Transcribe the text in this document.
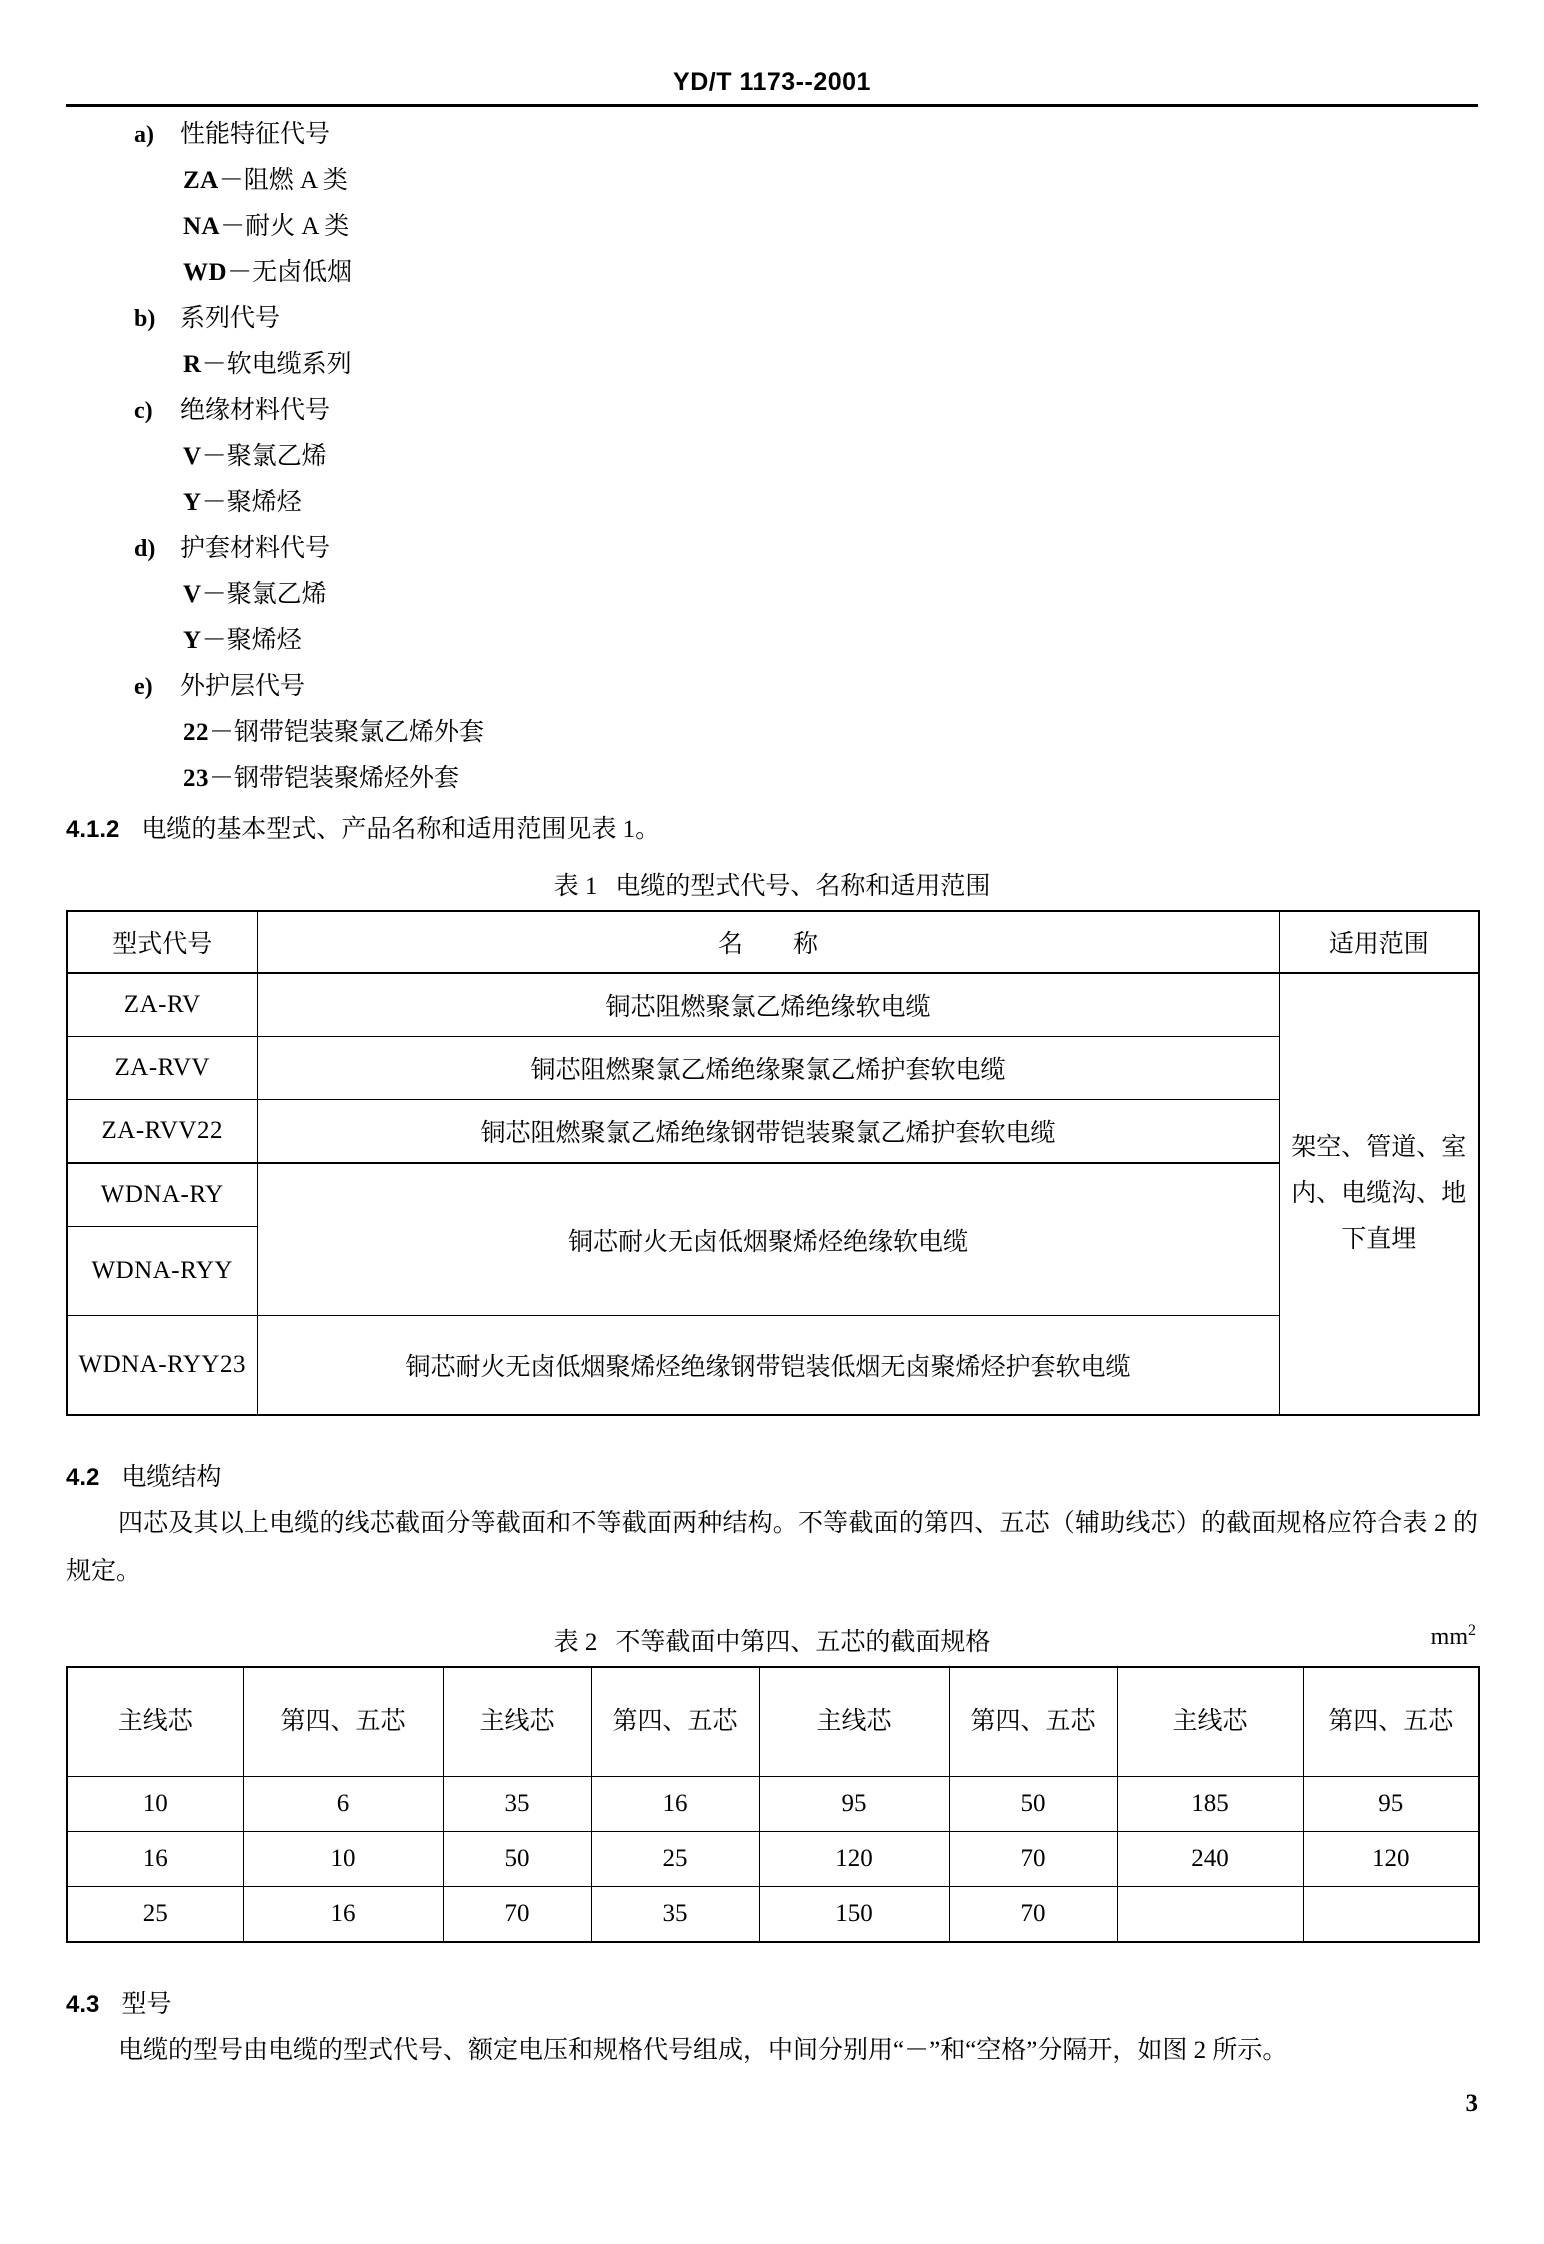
YD/T 1173--2001
a)	性能特征代号
ZA－阻燃 A 类
NA－耐火 A 类
WD－无卤低烟
b) 系列代号
R－软电缆系列
c)	绝缘材料代号
V－聚氯乙烯
Y－聚烯烃
d) 护套材料代号
V－聚氯乙烯
Y－聚烯烃
e)	外护层代号
22－钢带铠装聚氯乙烯外套
23－钢带铠装聚烯烃外套
4.1.2 电缆的基本型式、产品名称和适用范围见表 1。
表 1 电缆的型式代号、名称和适用范围
型式代号	名　　称	适用范围
ZA-RV	铜芯阻燃聚氯乙烯绝缘软电缆	架空、管道、室内、电缆沟、地下直埋
ZA-RVV	铜芯阻燃聚氯乙烯绝缘聚氯乙烯护套软电缆	
ZA-RVV22	铜芯阻燃聚氯乙烯绝缘钢带铠装聚氯乙烯护套软电缆	
WDNA-RY	铜芯耐火无卤低烟聚烯烃绝缘软电缆	
WDNA-RYY		
WDNA-RYY23	铜芯耐火无卤低烟聚烯烃绝缘钢带铠装低烟无卤聚烯烃护套软电缆	
4.2 电缆结构
四芯及其以上电缆的线芯截面分等截面和不等截面两种结构。不等截面的第四、五芯（辅助线芯）的截面规格应符合表 2 的规定。
表 2 不等截面中第四、五芯的截面规格	$mm^2$
主线芯	第四、五芯	主线芯	第四、五芯	主线芯	第四、五芯	主线芯	第四、五芯
10	6	35	16	95	50	185	95
16	10	50	25	120	70	240	120
25	16	70	35	150	70		
4.3 型号
电缆的型号由电缆的型式代号、额定电压和规格代号组成，中间分别用“－”和“空格”分隔开，如图 2 所示。
3
